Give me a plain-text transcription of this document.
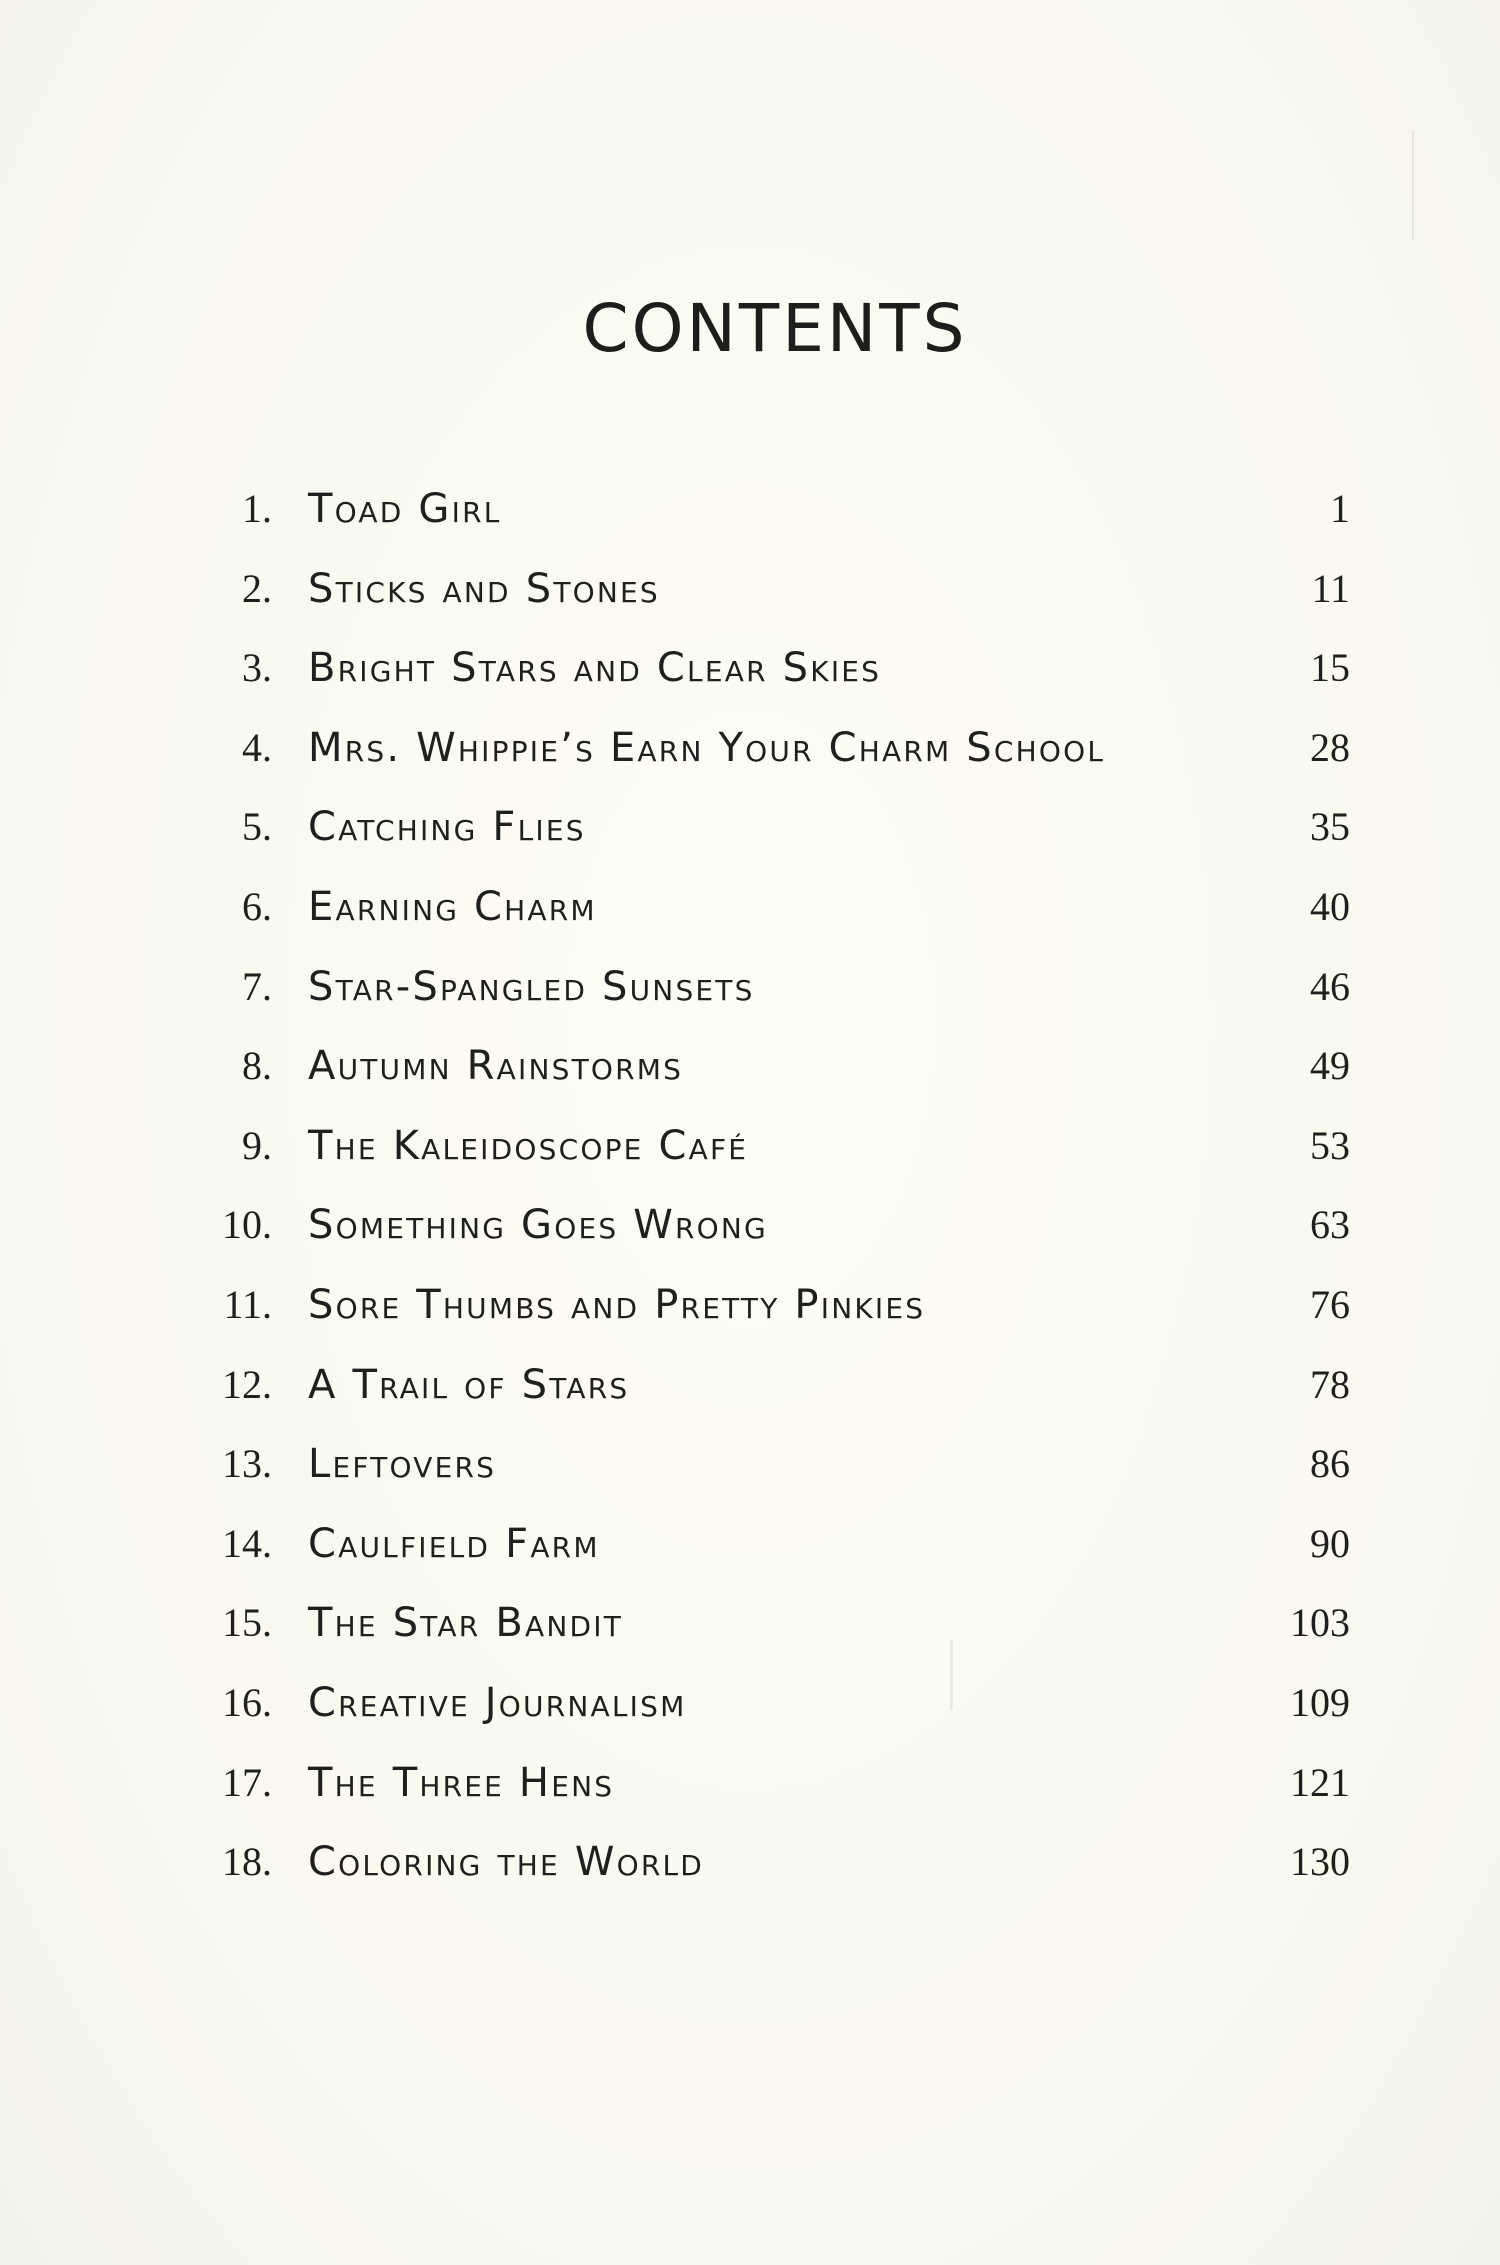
CONTENTS
1. Toad Girl	1
2. Sticks and Stones	11
3. Bright Stars and Clear Skies	15
4. Mrs. Whippie’s Earn Your Charm School	28
5. Catching Flies	35
6. Earning Charm	40
7. Star-Spangled Sunsets	46
8. Autumn Rainstorms	49
9. The Kaleidoscope Café	53
10. Something Goes Wrong	63
11. Sore Thumbs and Pretty Pinkies	76
12. A Trail of Stars	78
13. Leftovers	86
14. Caulfield Farm	90
15. The Star Bandit	103
16. Creative Journalism	109
17. The Three Hens	121
18. Coloring the World	130
